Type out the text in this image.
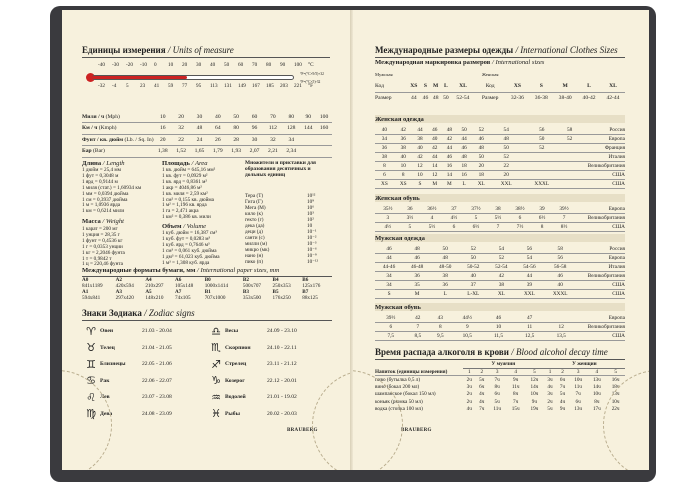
Единицы измерения / Units of measure
-40 -30 -20 -10 0 10 20 30 40 50 60 70 80 90 100 °C
-32 -4 5 23 41 59 77 95 113 131 149 167 185 203 221 °F
°F=(°C×9/5)+32
°F=(°C×5)-32
Миля / ч (Mph)	10	20	30	40	50	60	70	80	90	100
Км / ч (Kmph)	16	32	48	64	80	96	112	128	144	160
Фунт / кв. дюйм (Lb. / Sq. In)	20	22	24	26	28	30	32	34		
Бар (Bar)	1,38	1,52	1,65	1,79	1,93	2,07	2,21	2,34		
Длина / Length
1 дюйм = 25,4 мм
1 фут = 0,3048 м
1 ярд = 0,9144 м
1 миля (стат.) = 1,60934 км
1 мм = 0,0394 дюйма
1 см = 0,3937 дюйма
1 м = 1,0936 ярда
1 км = 0,6214 мили
Масса / Weight
1 карат = 200 мг
1 унция = 28,35 г
1 фунт = 0,4536 кг
1 г = 0,0353 унции
1 кг = 2,2046 фунта
1 т = 0,9842 т
1 ц = 220,46 фунта
Площадь / Area
1 кв. дюйм = 645,16 мм²
1 кв. фут = 0,0929 м²
1 кв. ярд = 0,8361 м²
1 акр = 4046,86 м²
1 кв. миля = 2,59 км²
1 см² = 0,155 кв. дюйма
1 м² = 1,196 кв. ярда
1 га = 2,471 акра
1 км² = 0,386 кв. мили
Объем / Volume
1 куб. дюйм = 16,387 см³
1 куб. фут = 0,0283 м³
1 куб. ярд = 0,7646 м³
1 см³ = 0,061 куб. дюйма
1 дм³ = 61,023 куб. дюйма
1 м³ = 1,308 куб. ярда
Множители и приставки для образования десятичных и дольных единиц
Тера (Т)	10¹²
Гига (Г)	10⁹
Мега (М)	10⁶
кило (к)	10³
гекто (г)	10²
дека (да)	10
деци (д)	10⁻¹
санти (с)	10⁻²
милли (м)	10⁻³
микро (мк)	10⁻⁶
нано (н)	10⁻⁹
пико (п)	10⁻¹²
Международные форматы бумаги, мм / International paper sizes, mm
A0	A2	A4	A6	B0	B2	B4	B6
841x1189	420x594	210x297	105x148	1000x1414	500x707	250x353	125x176
A1	A3	A5	A7	B1	B3	B5	B7
594x841	297x420	148x210	74x105	707x1000	353x500	176x250	88x125
Знаки Зодиака / Zodiac signs
♈	Овен	21.03 - 20.04	♎	Весы	24.09 - 23.10
♉	Телец	21.04 - 21.05	♏	Скорпион	24.10 - 22.11
♊	Близнецы	22.05 - 21.06	♐	Стрелец	23.11 - 21.12
♋	Рак	22.06 - 22.07	♑	Козерог	22.12 - 20.01
♌	Лев	23.07 - 23.08	♒	Водолей	21.01 - 19.02
♍	Дева	24.08 - 23.09	♓	Рыбы	20.02 - 20.03
BRAUBERG
Международные размеры одежды / International Clothes Sizes
Международная маркировка размеров / International sizes
Мужская						Женская					
Код	XS	S	M	L	XL	Код	XS	S	M	L	XL
Размер	44	46	48	50	52-54	Размер	32-36	36-38	38-40	40-42	42-44
Женская одежда
40	42	44	46	48	50	52	54	56	58	Россия
34	36	38	40	42	44	46	48	50	52	Европа
36	38	40	42	44	46	48	50	52		Франция
38	40	42	44	46	48	50	52			Италия
8	10	12	14	16	18	20	22			Великобритания
6	8	10	12	14	16	18	20			США
XS	XS	S	M	M	L	XL	XXL	XXXL		США
Женская обувь
35½	36	36½	37	37½	38	38½	39	39½		Европа
3	3½	4	4½	5	5½	6	6½	7		Великобритания
4½	5	5½	6	6½	7	7½	8	8½		США
Мужская одежда
46	48	50	52	54	56	58				Россия
44	46	48	50	52	54	56				Европа
44-46	46-48	48-50	50-52	52-54	54-56	56-58				Италия
34	36	38	40	42	44	46				Великобритания
34	35	36	37	38	39	40				США
S	M	L	L-XL	XL	XXL	XXXL				США
Мужская обувь
39½	42	43	44½	46	47					Европа
6	7	8	9	10	11	12				Великобритания
7,5	8,5	9,5	10,5	11,5	12,5	13,5				США
Время распада алкоголя в крови / Blood alcohol decay time
	У мужчин					У женщин				
Напиток (единицы измерения)	1	2	3	4	5	1	2	3	4	5
пиво (бутылка 0,5 л)	2ч	5ч	7ч	9ч	12ч	3ч	6ч	10ч	13ч	16ч
вино (бокал 200 мл)	3ч	6ч	8ч	11ч	14ч	4ч	7ч	11ч	14ч	18ч
шампанское (бокал 150 мл)	2ч	4ч	6ч	8ч	10ч	3ч	5ч	7ч	10ч	13ч
коньяк (рюмка 50 мл)	2ч	4ч	5ч	7ч	9ч	2ч	4ч	6ч	8ч	10ч
водка (стопка 100 мл)	4ч	7ч	11ч	15ч	19ч	5ч	9ч	13ч	17ч	22ч
BRAUBERG
